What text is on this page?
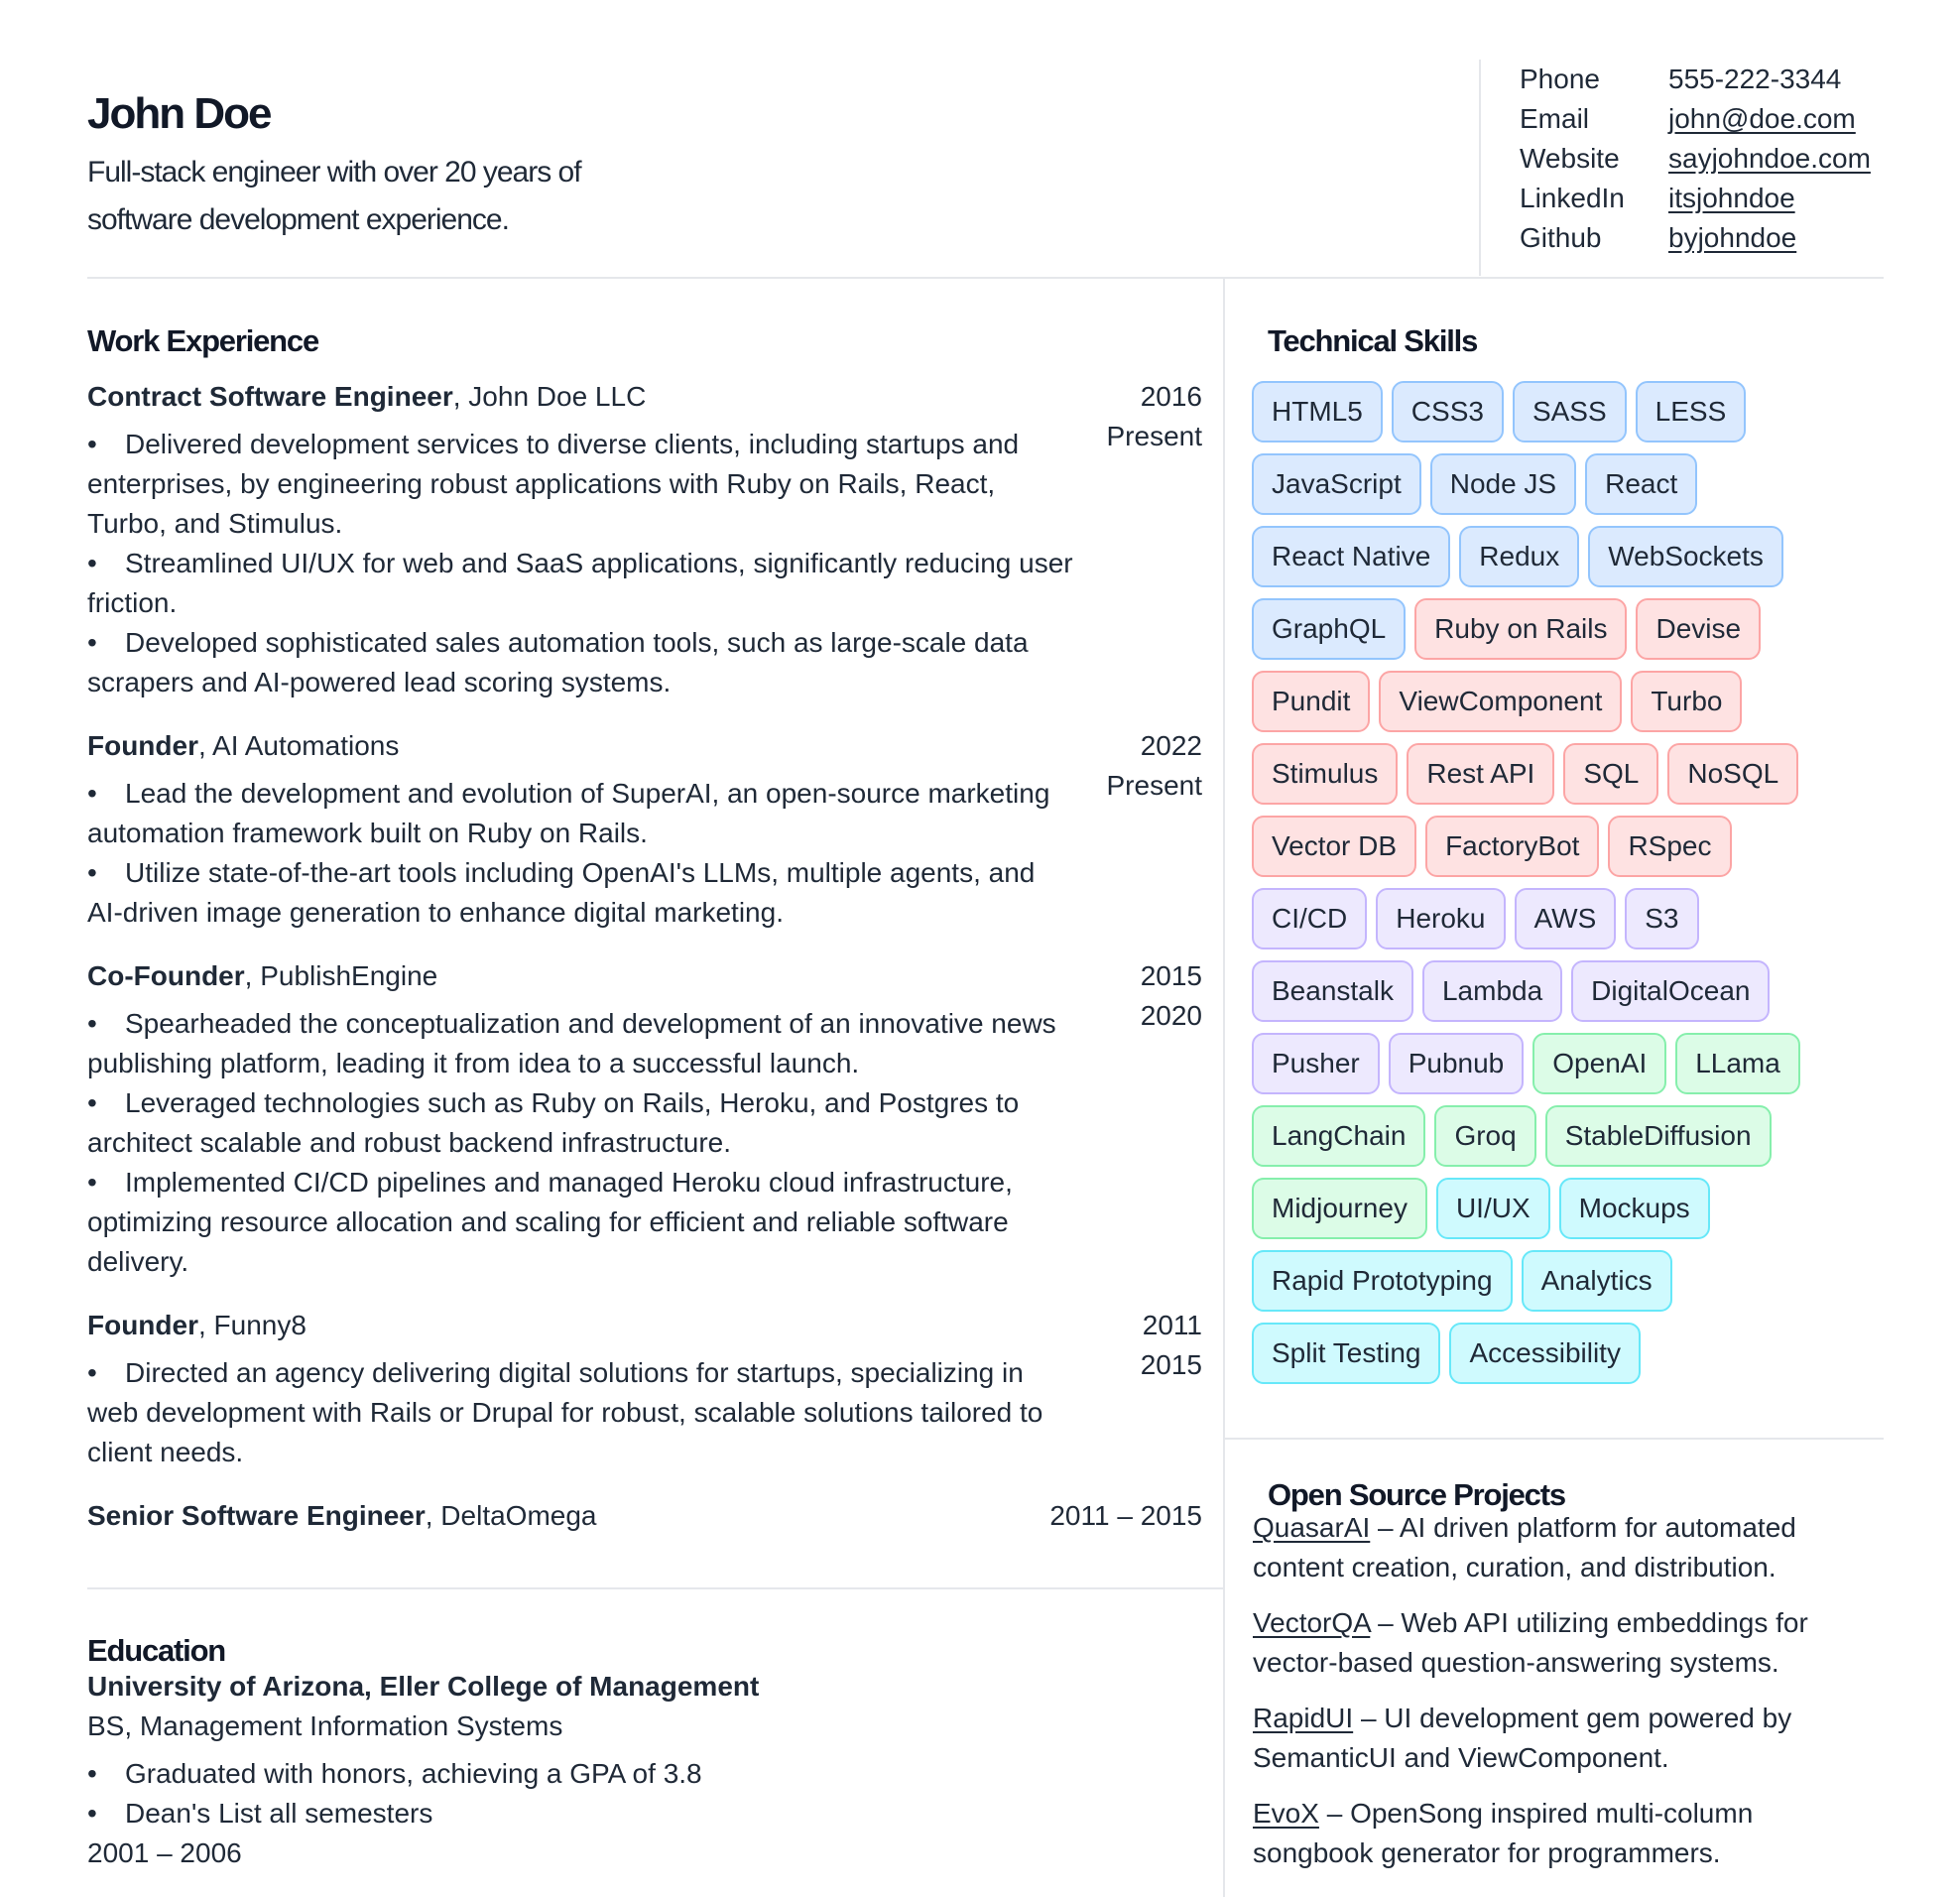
John Doe

Full-stack engineer with over 20 years of software development experience.

Phone	555-222-3344
Email	john@doe.com
Website	sayjohndoe.com
LinkedIn	itsjohndoe
Github	byjohndoe
Work Experience
Contract Software Engineer, John Doe LLC	2016
Present
• Delivered development services to diverse clients, including startups and enterprises, by engineering robust applications with Ruby on Rails, React, Turbo, and Stimulus.
• Streamlined UI/UX for web and SaaS applications, significantly reducing user friction.
• Developed sophisticated sales automation tools, such as large-scale data scrapers and AI-powered lead scoring systems.
Founder, AI Automations	2022
Present
• Lead the development and evolution of SuperAI, an open-source marketing automation framework built on Ruby on Rails.
• Utilize state-of-the-art tools including OpenAI's LLMs, multiple agents, and AI-driven image generation to enhance digital marketing.
Co-Founder, PublishEngine	2015
2020
• Spearheaded the conceptualization and development of an innovative news publishing platform, leading it from idea to a successful launch.
• Leveraged technologies such as Ruby on Rails, Heroku, and Postgres to architect scalable and robust backend infrastructure.
• Implemented CI/CD pipelines and managed Heroku cloud infrastructure, optimizing resource allocation and scaling for efficient and reliable software delivery.
Founder, Funny8	2011
2015
• Directed an agency delivering digital solutions for startups, specializing in web development with Rails or Drupal for robust, scalable solutions tailored to client needs.
Senior Software Engineer, DeltaOmega	2011 – 2015
Education
University of Arizona, Eller College of Management
BS, Management Information Systems
• Graduated with honors, achieving a GPA of 3.8
• Dean's List all semesters
2001 – 2006
Technical Skills
HTML5	CSS3	SASS	LESS
JavaScript	Node JS	React
React Native	Redux	WebSockets
GraphQL	Ruby on Rails	Devise
Pundit	ViewComponent	Turbo
Stimulus	Rest API	SQL	NoSQL
Vector DB	FactoryBot	RSpec
CI/CD	Heroku	AWS	S3
Beanstalk	Lambda	DigitalOcean
Pusher	Pubnub	OpenAI	LLama
LangChain	Groq	StableDiffusion
Midjourney	UI/UX	Mockups
Rapid Prototyping	Analytics
Split Testing	Accessibility
Open Source Projects
QuasarAI – AI driven platform for automated content creation, curation, and distribution.
VectorQA – Web API utilizing embeddings for vector-based question-answering systems.
RapidUI – UI development gem powered by SemanticUI and ViewComponent.
EvoX – OpenSong inspired multi-column songbook generator for programmers.
